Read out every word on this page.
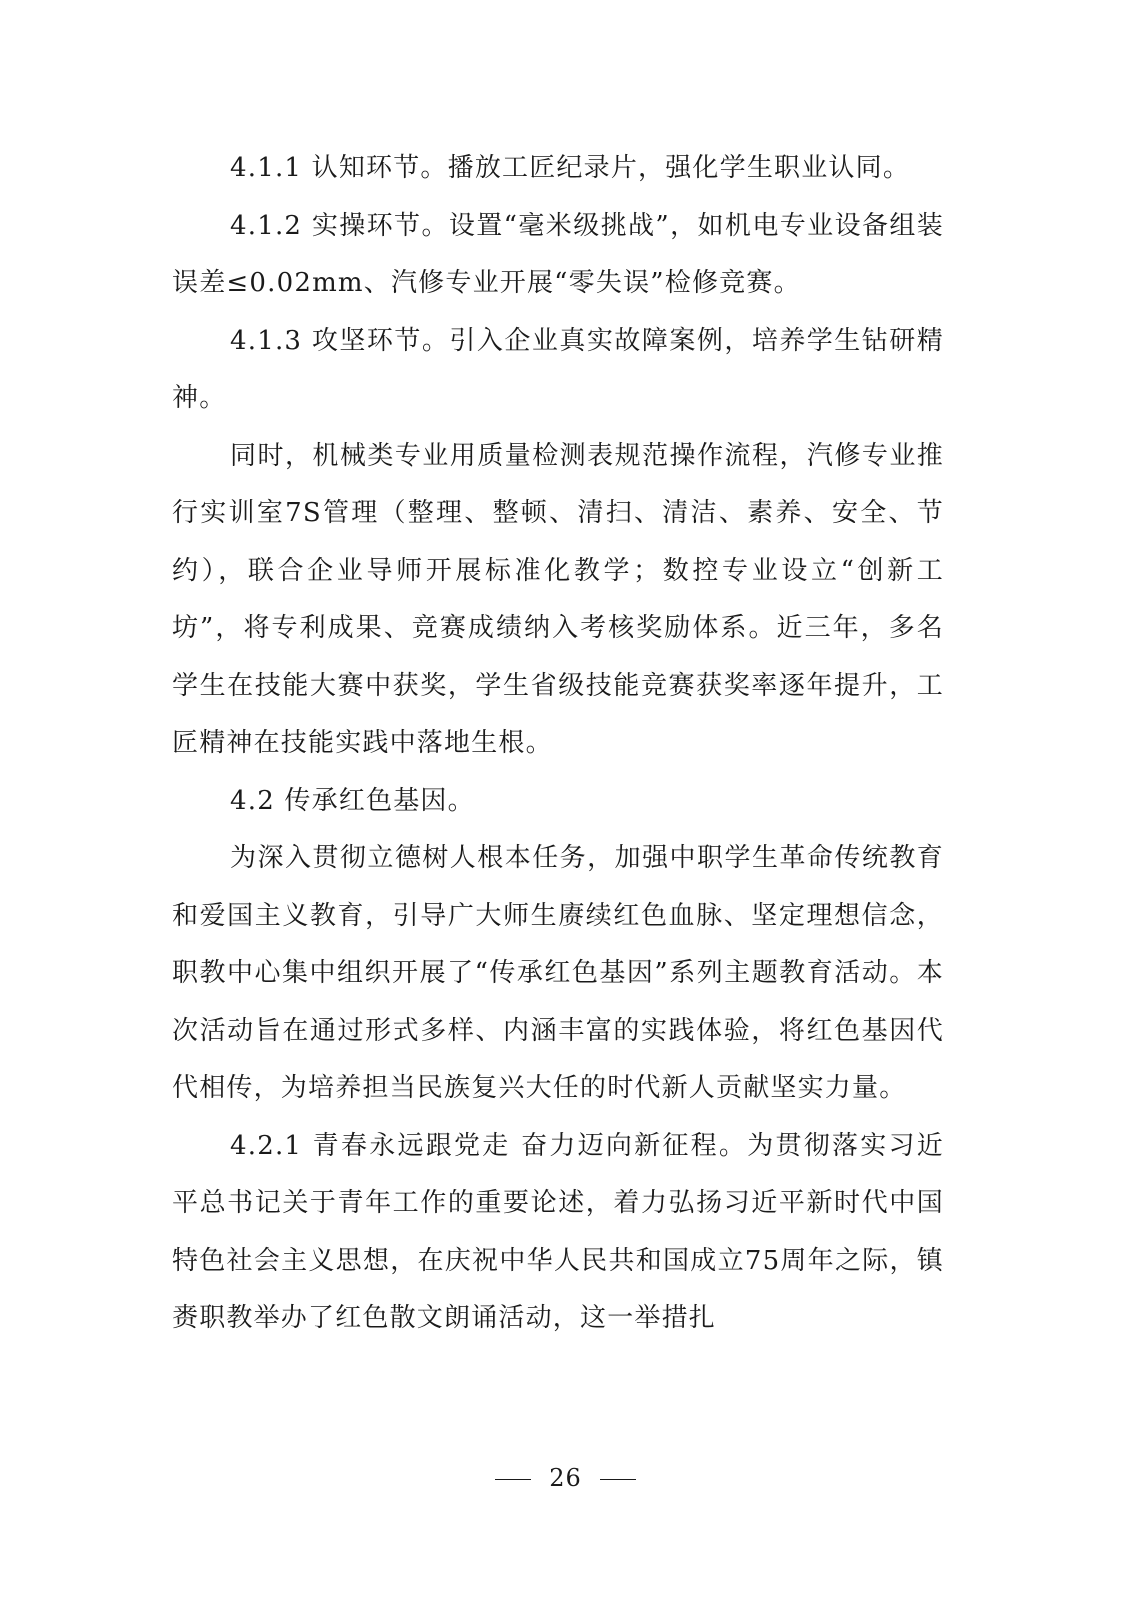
4.1.1 认知环节。播放工匠纪录片，强化学生职业认同。

4.1.2 实操环节。设置“毫米级挑战”，如机电专业设备组装误差≤0.02mm、汽修专业开展“零失误”检修竞赛。

4.1.3 攻坚环节。引入企业真实故障案例，培养学生钻研精神。

同时，机械类专业用质量检测表规范操作流程，汽修专业推行实训室7S管理（整理、整顿、清扫、清洁、素养、安全、节约），联合企业导师开展标准化教学；数控专业设立“创新工坊”，将专利成果、竞赛成绩纳入考核奖励体系。近三年，多名学生在技能大赛中获奖，学生省级技能竞赛获奖率逐年提升，工匠精神在技能实践中落地生根。

4.2 传承红色基因。

为深入贯彻立德树人根本任务，加强中职学生革命传统教育和爱国主义教育，引导广大师生赓续红色血脉、坚定理想信念，职教中心集中组织开展了“传承红色基因”系列主题教育活动。本次活动旨在通过形式多样、内涵丰富的实践体验，将红色基因代代相传，为培养担当民族复兴大任的时代新人贡献坚实力量。

4.2.1 青春永远跟党走 奋力迈向新征程。为贯彻落实习近平总书记关于青年工作的重要论述，着力弘扬习近平新时代中国特色社会主义思想，在庆祝中华人民共和国成立75周年之际，镇赉职教举办了红色散文朗诵活动，这一举措扎

26
